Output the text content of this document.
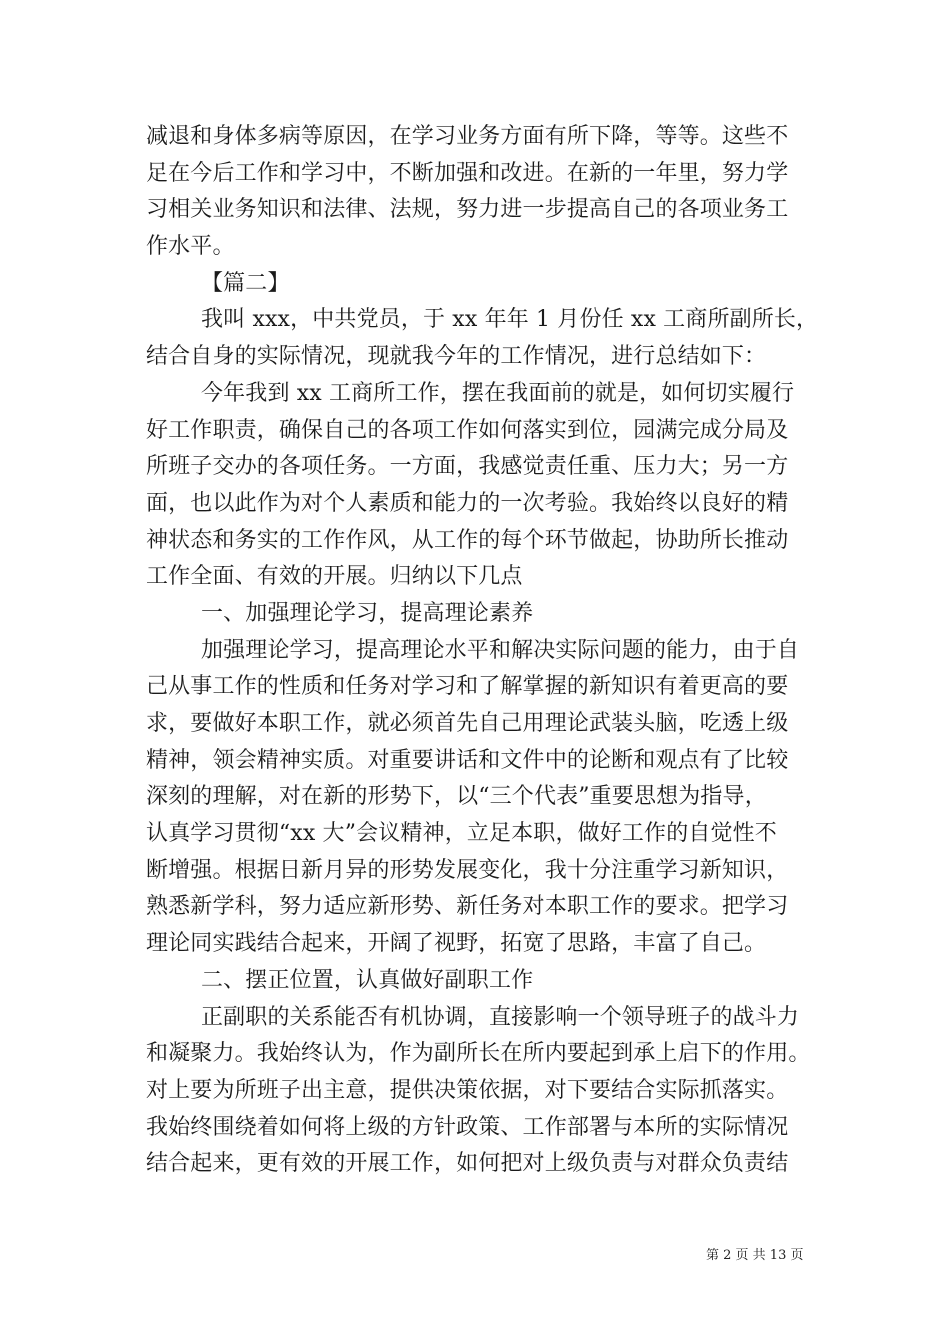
减退和身体多病等原因，在学习业务方面有所下降，等等。这些不
足在今后工作和学习中，不断加强和改进。在新的一年里，努力学
习相关业务知识和法律、法规，努力进一步提高自己的各项业务工
作水平。
【篇二】
我叫 xxx，中共党员，于 xx 年年 1 月份任 xx 工商所副所长，
结合自身的实际情况，现就我今年的工作情况，进行总结如下：
今年我到 xx 工商所工作，摆在我面前的就是，如何切实履行
好工作职责，确保自己的各项工作如何落实到位，园满完成分局及
所班子交办的各项任务。一方面，我感觉责任重、压力大；另一方
面，也以此作为对个人素质和能力的一次考验。我始终以良好的精
神状态和务实的工作作风，从工作的每个环节做起，协助所长推动
工作全面、有效的开展。归纳以下几点
一、加强理论学习，提高理论素养
加强理论学习，提高理论水平和解决实际问题的能力，由于自
己从事工作的性质和任务对学习和了解掌握的新知识有着更高的要
求，要做好本职工作，就必须首先自己用理论武装头脑，吃透上级
精神，领会精神实质。对重要讲话和文件中的论断和观点有了比较
深刻的理解，对在新的形势下，以“三个代表”重要思想为指导，
认真学习贯彻“xx 大”会议精神，立足本职，做好工作的自觉性不
断增强。根据日新月异的形势发展变化，我十分注重学习新知识，
熟悉新学科，努力适应新形势、新任务对本职工作的要求。把学习
理论同实践结合起来，开阔了视野，拓宽了思路，丰富了自己。
二、摆正位置，认真做好副职工作
正副职的关系能否有机协调，直接影响一个领导班子的战斗力
和凝聚力。我始终认为，作为副所长在所内要起到承上启下的作用。
对上要为所班子出主意，提供决策依据，对下要结合实际抓落实。
我始终围绕着如何将上级的方针政策、工作部署与本所的实际情况
结合起来，更有效的开展工作，如何把对上级负责与对群众负责结
第 2 页 共 13 页
